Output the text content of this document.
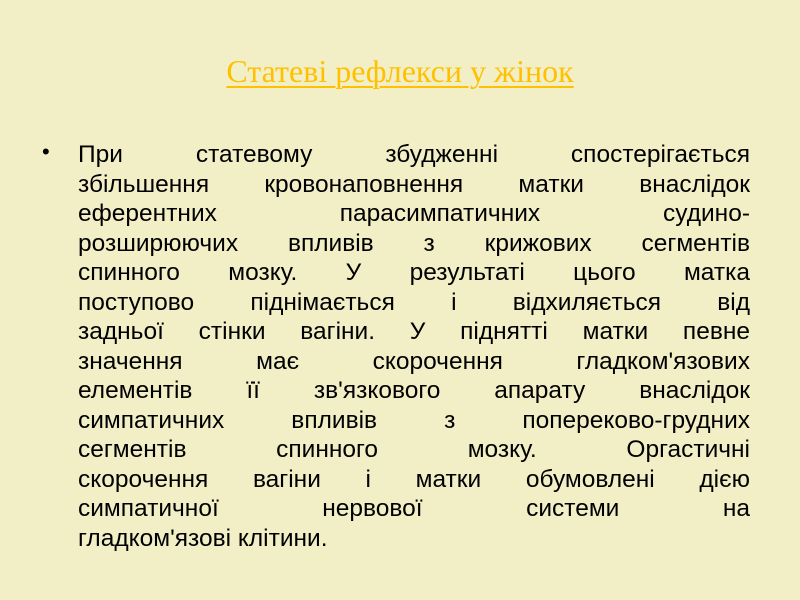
Статеві рефлекси у жінок
• При статевому збудженні спостерігається
збільшення кровонаповнення матки внаслідок
еферентних парасимпатичних судино-
розширюючих впливів з крижових сегментів
спинного мозку. У результаті цього матка
поступово піднімається і відхиляється від
задньої стінки вагіни. У піднятті матки певне
значення має скорочення гладком'язових
елементів її зв'язкового апарату внаслідок
симпатичних впливів з попереково-грудних
сегментів спинного мозку. Оргастичні
скорочення вагіни і матки обумовлені дією
симпатичної нервової системи на
гладком'язові клітини.
